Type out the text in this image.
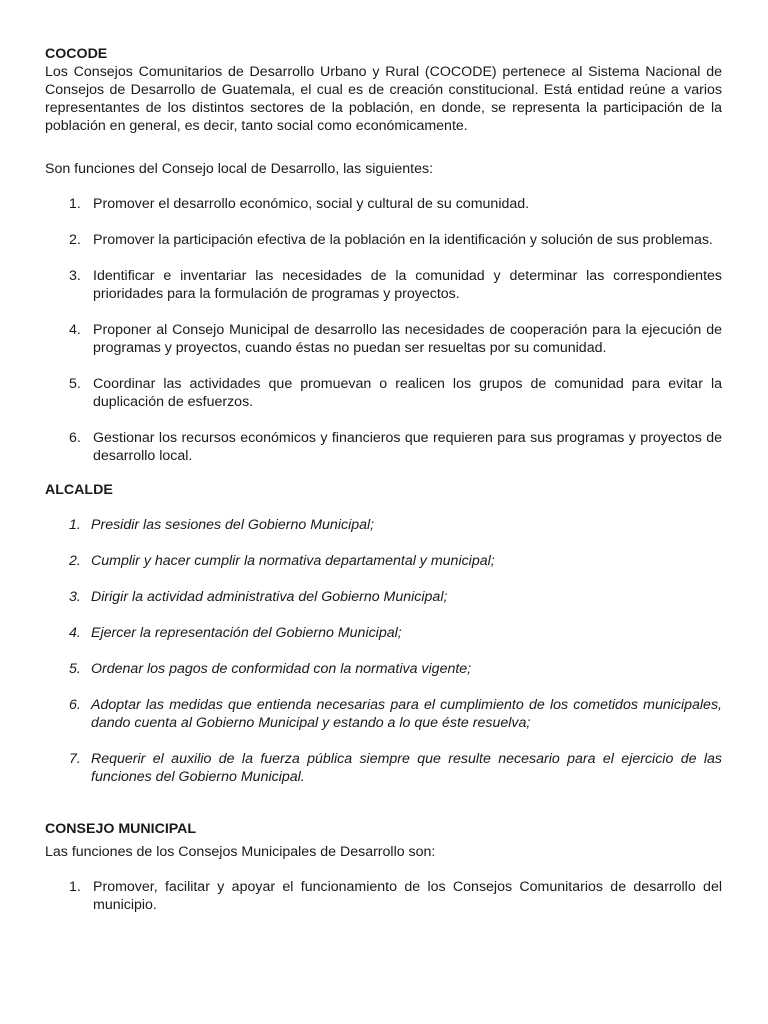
COCODE

Los Consejos Comunitarios de Desarrollo Urbano y Rural (COCODE) pertenece al Sistema Nacional de Consejos de Desarrollo de Guatemala, el cual es de creación constitucional. Está entidad reúne a varios representantes de los distintos sectores de la población, en donde, se representa la participación de la población en general, es decir, tanto social como económicamente.

Son funciones del Consejo local de Desarrollo, las siguientes:

1. Promover el desarrollo económico, social y cultural de su comunidad.
2. Promover la participación efectiva de la población en la identificación y solución de sus problemas.
3. Identificar e inventariar las necesidades de la comunidad y determinar las correspondientes prioridades para la formulación de programas y proyectos.
4. Proponer al Consejo Municipal de desarrollo las necesidades de cooperación para la ejecución de programas y proyectos, cuando éstas no puedan ser resueltas por su comunidad.
5. Coordinar las actividades que promuevan o realicen los grupos de comunidad para evitar la duplicación de esfuerzos.
6. Gestionar los recursos económicos y financieros que requieren para sus programas y proyectos de desarrollo local.

ALCALDE

1. Presidir las sesiones del Gobierno Municipal;
2. Cumplir y hacer cumplir la normativa departamental y municipal;
3. Dirigir la actividad administrativa del Gobierno Municipal;
4. Ejercer la representación del Gobierno Municipal;
5. Ordenar los pagos de conformidad con la normativa vigente;
6. Adoptar las medidas que entienda necesarias para el cumplimiento de los cometidos municipales, dando cuenta al Gobierno Municipal y estando a lo que éste resuelva;
7. Requerir el auxilio de la fuerza pública siempre que resulte necesario para el ejercicio de las funciones del Gobierno Municipal.

CONSEJO MUNICIPAL

Las funciones de los Consejos Municipales de Desarrollo son:

1. Promover, facilitar y apoyar el funcionamiento de los Consejos Comunitarios de desarrollo del municipio.
